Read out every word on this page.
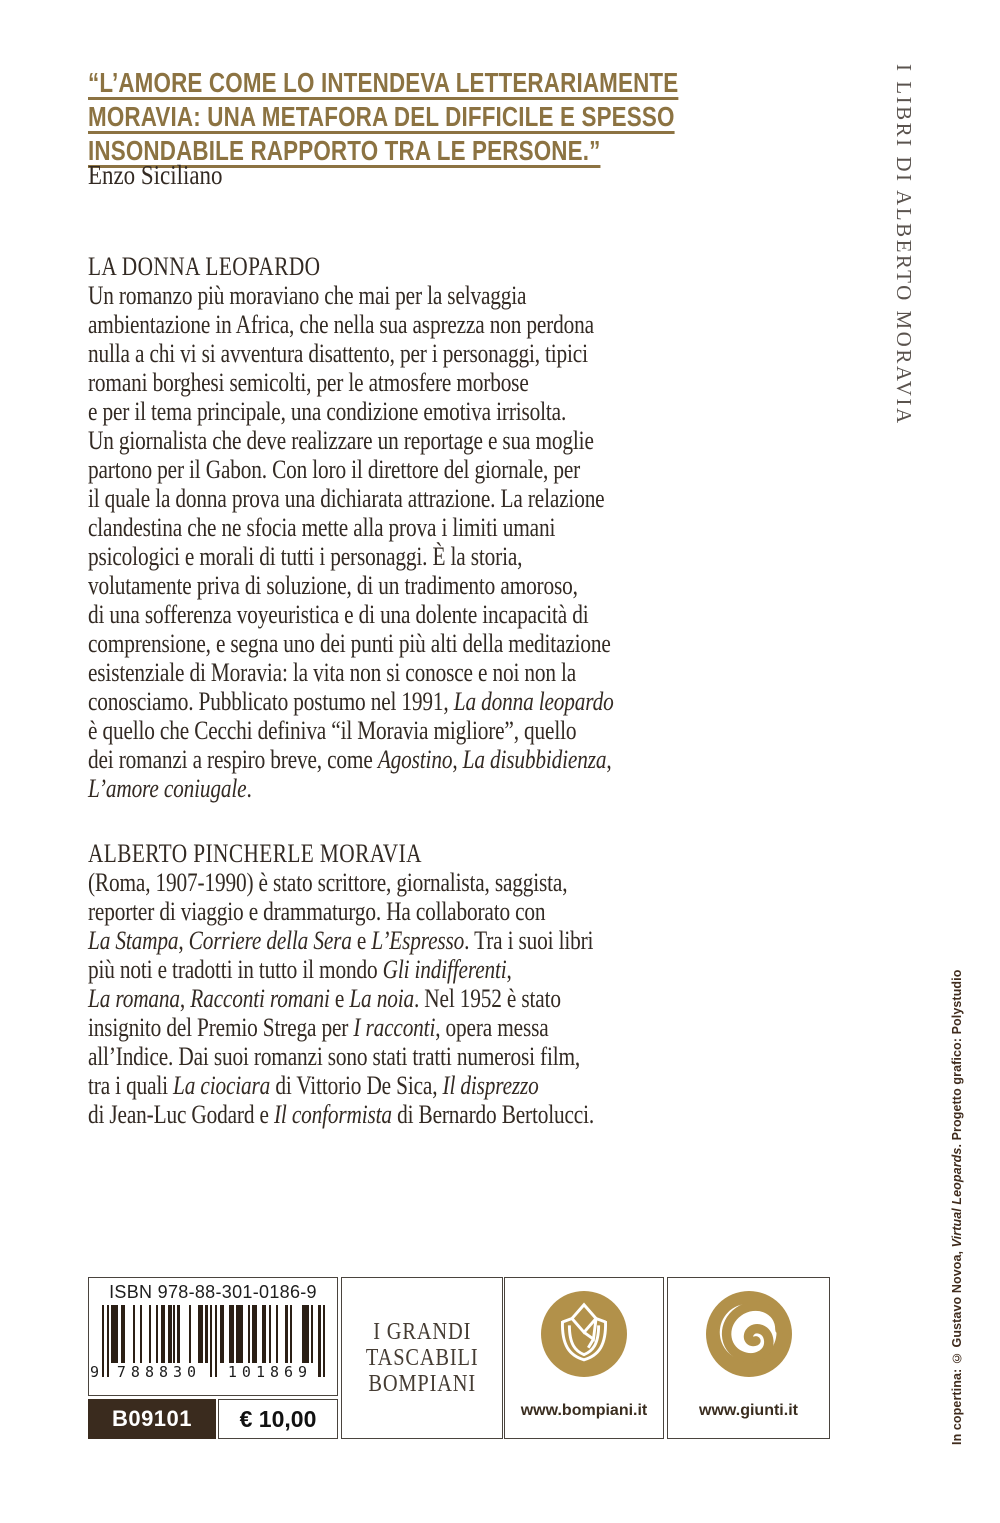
“L’AMORE COME LO INTENDEVA LETTERARIAMENTE
MORAVIA: UNA METAFORA DEL DIFFICILE E SPESSO
INSONDABILE RAPPORTO TRA LE PERSONE.”
Enzo Siciliano
LA DONNA LEOPARDO
Un romanzo più moraviano che mai per la selvaggia
ambientazione in Africa, che nella sua asprezza non perdona
nulla a chi vi si avventura disattento, per i personaggi, tipici
romani borghesi semicolti, per le atmosfere morbose
e per il tema principale, una condizione emotiva irrisolta.
Un giornalista che deve realizzare un reportage e sua moglie
partono per il Gabon. Con loro il direttore del giornale, per
il quale la donna prova una dichiarata attrazione. La relazione
clandestina che ne sfocia mette alla prova i limiti umani
psicologici e morali di tutti i personaggi. È la storia,
volutamente priva di soluzione, di un tradimento amoroso,
di una sofferenza voyeuristica e di una dolente incapacità di
comprensione, e segna uno dei punti più alti della meditazione
esistenziale di Moravia: la vita non si conosce e noi non la
conosciamo. Pubblicato postumo nel 1991, La donna leopardo
è quello che Cecchi definiva “il Moravia migliore”, quello
dei romanzi a respiro breve, come Agostino, La disubbidienza,
L’amore coniugale.
ALBERTO PINCHERLE MORAVIA
(Roma, 1907-1990) è stato scrittore, giornalista, saggista,
reporter di viaggio e drammaturgo. Ha collaborato con
La Stampa, Corriere della Sera e L’Espresso. Tra i suoi libri
più noti e tradotti in tutto il mondo Gli indifferenti,
La romana, Racconti romani e La noia. Nel 1952 è stato
insignito del Premio Strega per I racconti, opera messa
all’Indice. Dai suoi romanzi sono stati tratti numerosi film,
tra i quali La ciociara di Vittorio De Sica, Il disprezzo
di Jean-Luc Godard e Il conformista di Bernardo Bertolucci.
I LIBRI DI ALBERTO MORAVIA
In copertina: © Gustavo Novoa, Virtual Leopards. Progetto grafico: Polystudio
ISBN 978-88-301-0186-9
9	788830	101869
B09101	€ 10,00
I GRANDI
TASCABILI
BOMPIANI
www.bompiani.it	www.giunti.it
